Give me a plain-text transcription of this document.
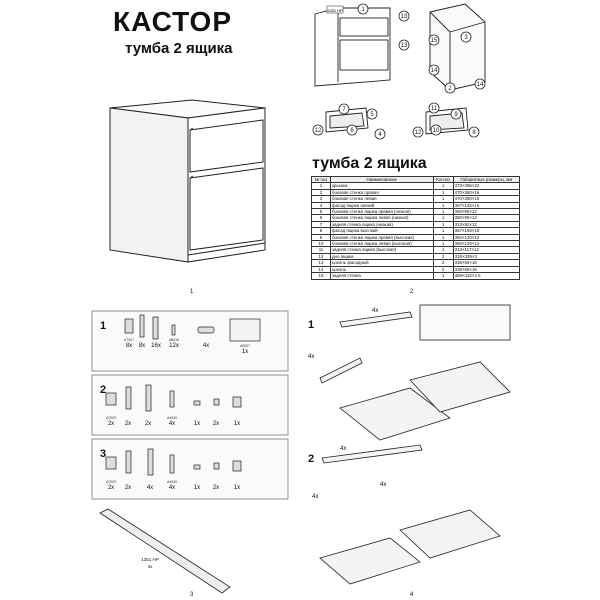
КАСТОР
тумба 2 ящика
1
1351 HP	1
13
13
15	3
14
2
14
7
5
6
4
12
11
9
10	8
12
тумба 2 ящика
№ поз	Наименование	Кол-во	Габаритные размеры, мм
1	крышка	1	373×396×22
2	боковая стенка правая	1	470×380×16
3	боковая стенка левая	1	470×380×16
4	фасад ящика низкий	1	367×145×16
5	боковая стенка ящика правая (низкая)	1	350×95×12
6	боковая стенка ящика левая (низкая)	1	350×95×12
7	задняя стенка ящика (низкая)	1	313×92×12
8	фасад ящика высокий	1	367×193×16
9	боковая стенка ящика правая (высокая)	1	350×120×12
10	боковая стенка ящика левая (высокая)	1	350×120×12
11	задняя стенка ящика (высокая)	1	313×117×12
12	дно ящика	2	318×339×3
13	цоколь фасадный	2	338×65×16
14	цоколь	2	338×65×16
15	задняя стенка	1	359×432×2,5
2
1
2
3
8x 8x 16x 12x	4x
1x
2x 2x 2x	4x	1x 2x 1x
2x 2x	4x	4x	1x 2x 1x
A7007	A8016
A0007
A7009	A4009
A7009	A4009
1351 HP
4x
3
1
2
4x
4x
4x
4x
4x
4
